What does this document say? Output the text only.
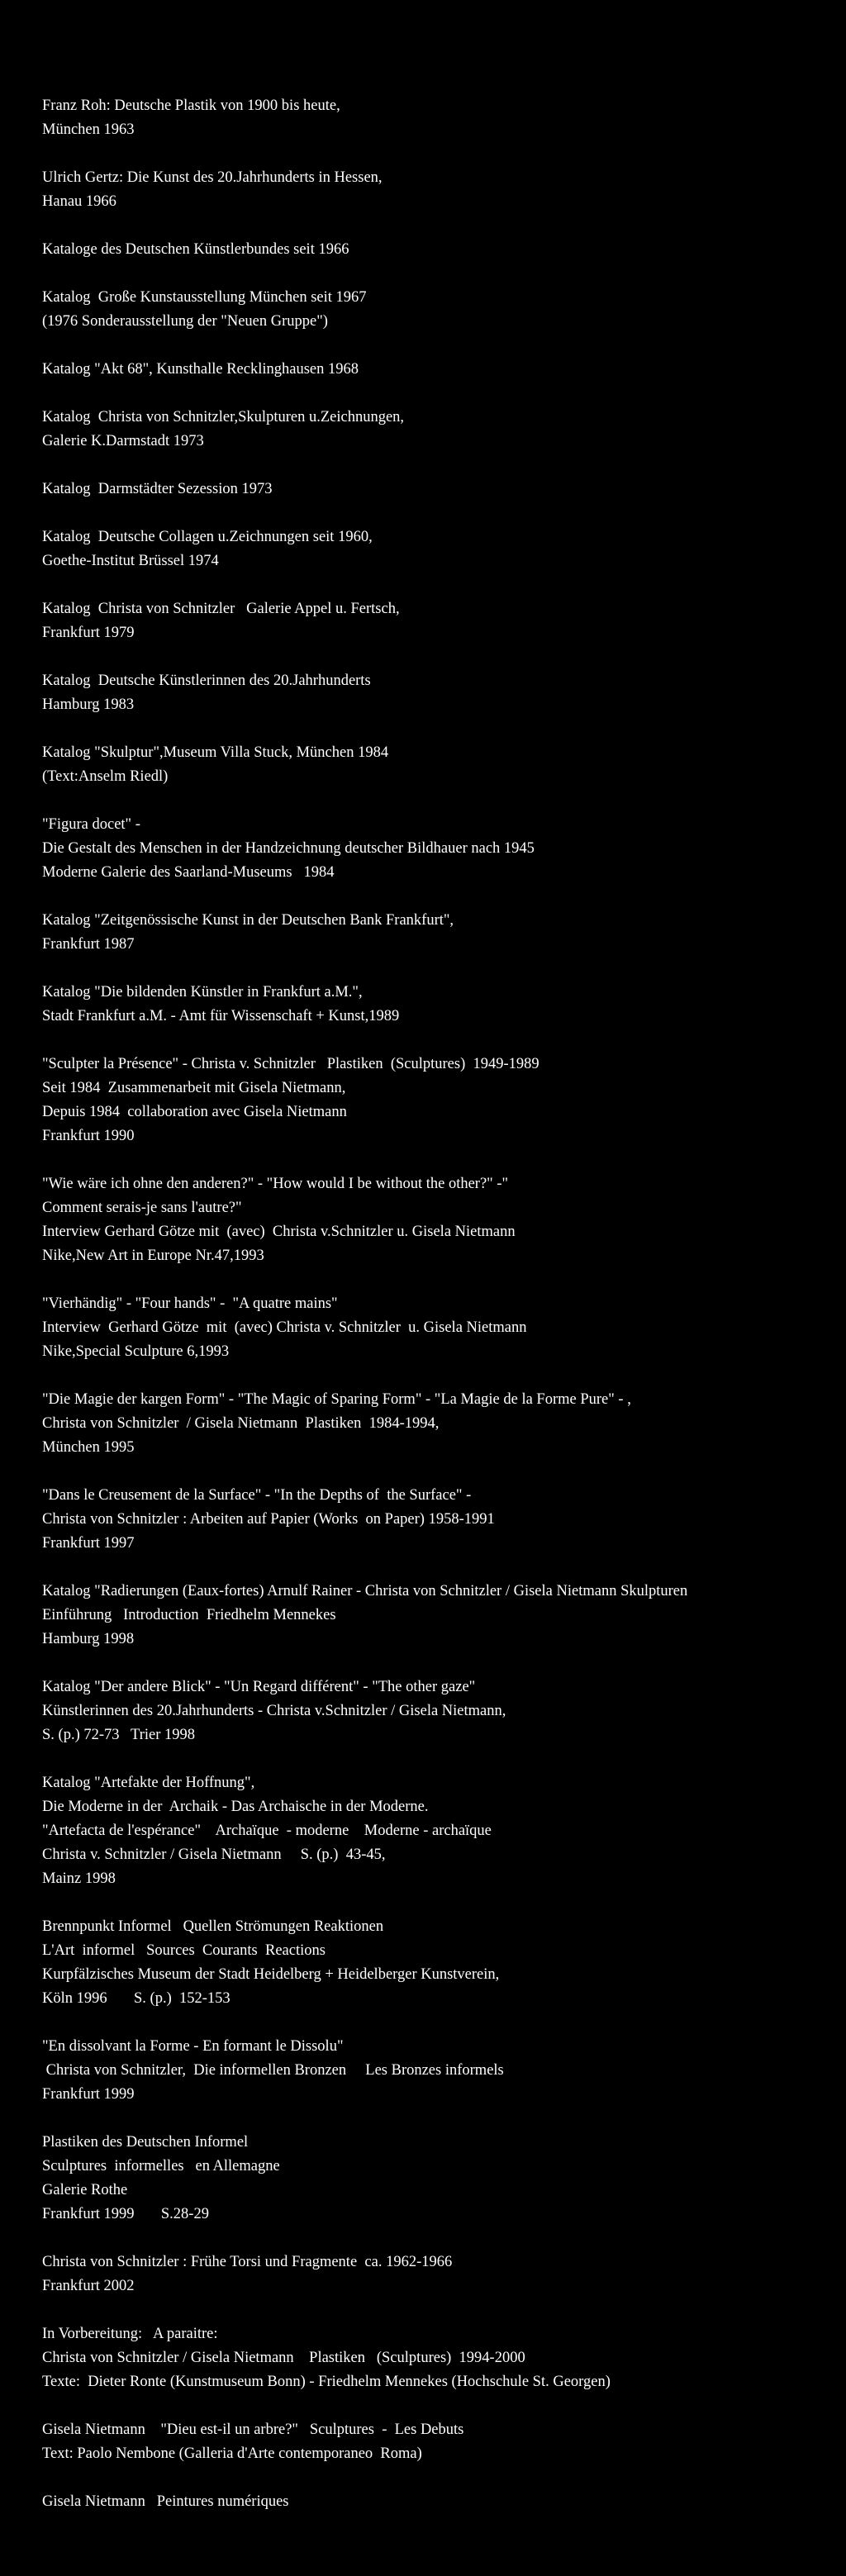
Franz Roh: Deutsche Plastik von 1900 bis heute,
München 1963
Ulrich Gertz: Die Kunst des 20.Jahrhunderts in Hessen,
Hanau 1966
Kataloge des Deutschen Künstlerbundes seit 1966
Katalog  Große Kunstausstellung München seit 1967
(1976 Sonderausstellung der "Neuen Gruppe")
Katalog "Akt 68", Kunsthalle Recklinghausen 1968
Katalog  Christa von Schnitzler,Skulpturen u.Zeichnungen,
Galerie K.Darmstadt 1973
Katalog  Darmstädter Sezession 1973
Katalog  Deutsche Collagen u.Zeichnungen seit 1960,
Goethe-Institut Brüssel 1974
Katalog  Christa von Schnitzler   Galerie Appel u. Fertsch,
Frankfurt 1979
Katalog  Deutsche Künstlerinnen des 20.Jahrhunderts
Hamburg 1983
Katalog "Skulptur",Museum Villa Stuck, München 1984
(Text:Anselm Riedl)
"Figura docet" -
Die Gestalt des Menschen in der Handzeichnung deutscher Bildhauer nach 1945
Moderne Galerie des Saarland-Museums   1984
Katalog "Zeitgenössische Kunst in der Deutschen Bank Frankfurt",
Frankfurt 1987
Katalog "Die bildenden Künstler in Frankfurt a.M.",
Stadt Frankfurt a.M. - Amt für Wissenschaft + Kunst,1989
"Sculpter la Présence" - Christa v. Schnitzler   Plastiken  (Sculptures)  1949-1989
Seit 1984  Zusammenarbeit mit Gisela Nietmann,
Depuis 1984  collaboration avec Gisela Nietmann
Frankfurt 1990
"Wie wäre ich ohne den anderen?" - "How would I be without the other?" -"
Comment serais-je sans l'autre?"
Interview Gerhard Götze mit  (avec)  Christa v.Schnitzler u. Gisela Nietmann
Nike,New Art in Europe Nr.47,1993
"Vierhändig" - "Four hands" -  "A quatre mains"
Interview  Gerhard Götze  mit  (avec) Christa v. Schnitzler  u. Gisela Nietmann
Nike,Special Sculpture 6,1993
"Die Magie der kargen Form" - "The Magic of Sparing Form" - "La Magie de la Forme Pure" - ,
Christa von Schnitzler  / Gisela Nietmann  Plastiken  1984-1994,
München 1995
"Dans le Creusement de la Surface" - "In the Depths of  the Surface" -
Christa von Schnitzler : Arbeiten auf Papier (Works  on Paper) 1958-1991
Frankfurt 1997
Katalog "Radierungen (Eaux-fortes) Arnulf Rainer - Christa von Schnitzler / Gisela Nietmann Skulpturen
Einführung   Introduction  Friedhelm Mennekes
Hamburg 1998
Katalog "Der andere Blick" - "Un Regard différent" - "The other gaze"
Künstlerinnen des 20.Jahrhunderts - Christa v.Schnitzler / Gisela Nietmann,
S. (p.) 72-73   Trier 1998
Katalog "Artefakte der Hoffnung",
Die Moderne in der  Archaik - Das Archaische in der Moderne.
"Artefacta de l'espérance"    Archaïque  - moderne    Moderne - archaïque
Christa v. Schnitzler / Gisela Nietmann     S. (p.)  43-45,
Mainz 1998
Brennpunkt Informel   Quellen Strömungen Reaktionen
L'Art  informel   Sources  Courants  Reactions
Kurpfälzisches Museum der Stadt Heidelberg + Heidelberger Kunstverein,
Köln 1996       S. (p.)  152-153
"En dissolvant la Forme - En formant le Dissolu"
Christa von Schnitzler,  Die informellen Bronzen     Les Bronzes informels
Frankfurt 1999
Plastiken des Deutschen Informel
Sculptures  informelles   en Allemagne
Galerie Rothe
Frankfurt 1999       S.28-29
Christa von Schnitzler : Frühe Torsi und Fragmente  ca. 1962-1966
Frankfurt 2002
In Vorbereitung:   A paraitre:
Christa von Schnitzler / Gisela Nietmann    Plastiken   (Sculptures)  1994-2000
Texte:  Dieter Ronte (Kunstmuseum Bonn) - Friedhelm Mennekes (Hochschule St. Georgen)
Gisela Nietmann    "Dieu est-il un arbre?"   Sculptures  -  Les Debuts
Text: Paolo Nembone (Galleria d'Arte contemporaneo  Roma)
Gisela Nietmann   Peintures numériques
